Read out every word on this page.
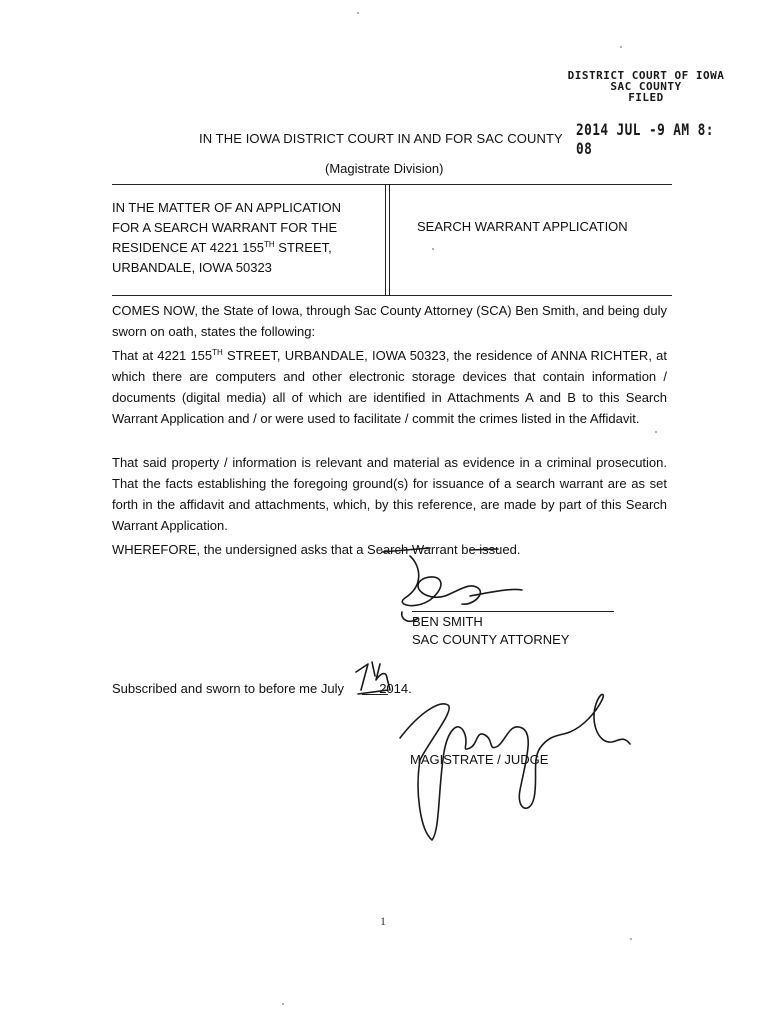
DISTRICT COURT OF IOWA
SAC COUNTY
FILED
2014 JUL -9 AM 8: 08
IN THE IOWA DISTRICT COURT IN AND FOR SAC COUNTY
(Magistrate Division)
IN THE MATTER OF AN APPLICATION
FOR A SEARCH WARRANT FOR THE
RESIDENCE AT 4221 155TH STREET,
URBANDALE, IOWA 50323
SEARCH WARRANT APPLICATION

COMES NOW, the State of Iowa, through Sac County Attorney (SCA) Ben Smith, and being duly sworn on oath, states the following:

That at 4221 155TH STREET, URBANDALE, IOWA 50323, the residence of ANNA RICHTER, at which there are computers and other electronic storage devices that contain information / documents (digital media) all of which are identified in Attachments A and B to this Search Warrant Application and / or were used to facilitate / commit the crimes listed in the Affidavit.

That said property / information is relevant and material as evidence in a criminal prosecution. That the facts establishing the foregoing ground(s) for issuance of a search warrant are as set forth in the affidavit and attachments, which, by this reference, are made by part of this Search Warrant Application.

WHEREFORE, the undersigned asks that a Search Warrant be issued.

BEN SMITH
SAC COUNTY ATTORNEY
Subscribed and sworn to before me July  2014.
MAGISTRATE / JUDGE
1
